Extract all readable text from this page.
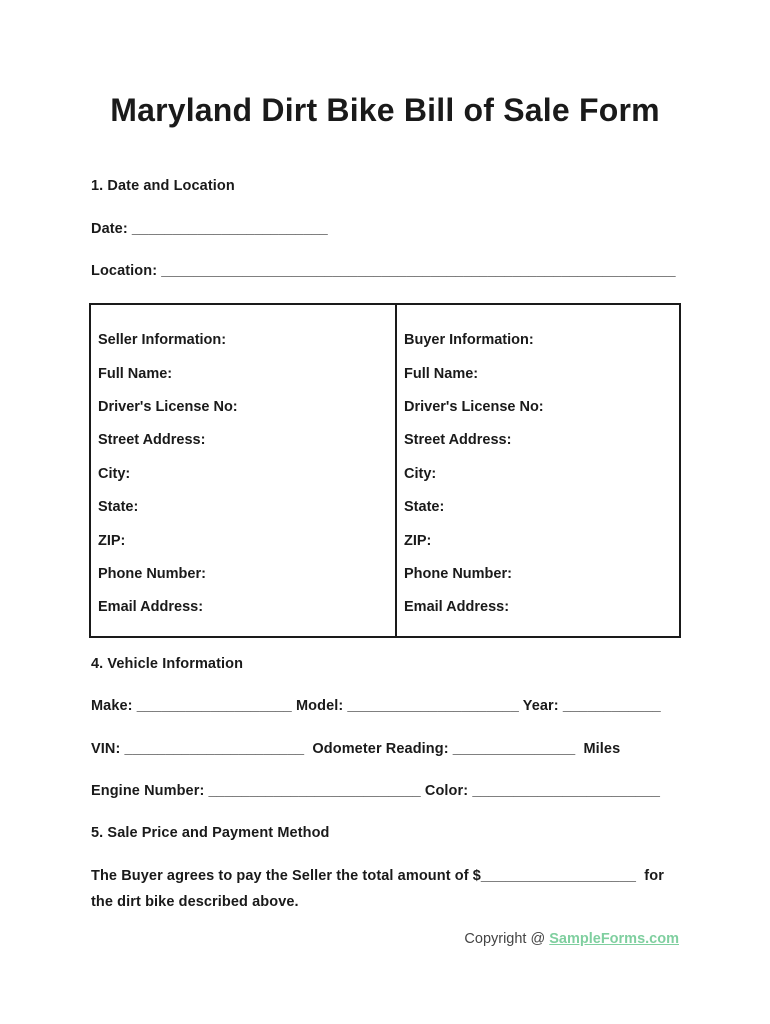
Maryland Dirt Bike Bill of Sale Form
1. Date and Location
Date: ________________________
Location: _______________________________________________________________
Seller Information:
Full Name:
Driver's License No:
Street Address:
City:
State:
ZIP:
Phone Number:
Email Address:
Buyer Information:
Full Name:
Driver's License No:
Street Address:
City:
State:
ZIP:
Phone Number:
Email Address:
4. Vehicle Information
Make: ___________________ Model: _____________________ Year: ____________
VIN: ______________________  Odometer Reading: _______________  Miles
Engine Number: __________________________ Color: _______________________
5. Sale Price and Payment Method
The Buyer agrees to pay the Seller the total amount of $___________________  for
the dirt bike described above.
Copyright @ SampleForms.com
